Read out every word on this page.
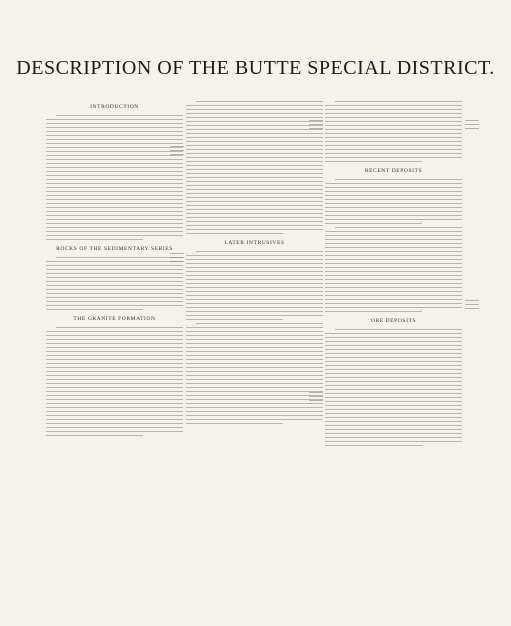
DESCRIPTION OF THE BUTTE SPECIAL DISTRICT.
INTRODUCTION
ROCKS OF THE SEDIMENTARY SERIES
THE GRANITE FORMATION
LATER INTRUSIVES
RECENT DEPOSITS
ORE DEPOSITS
